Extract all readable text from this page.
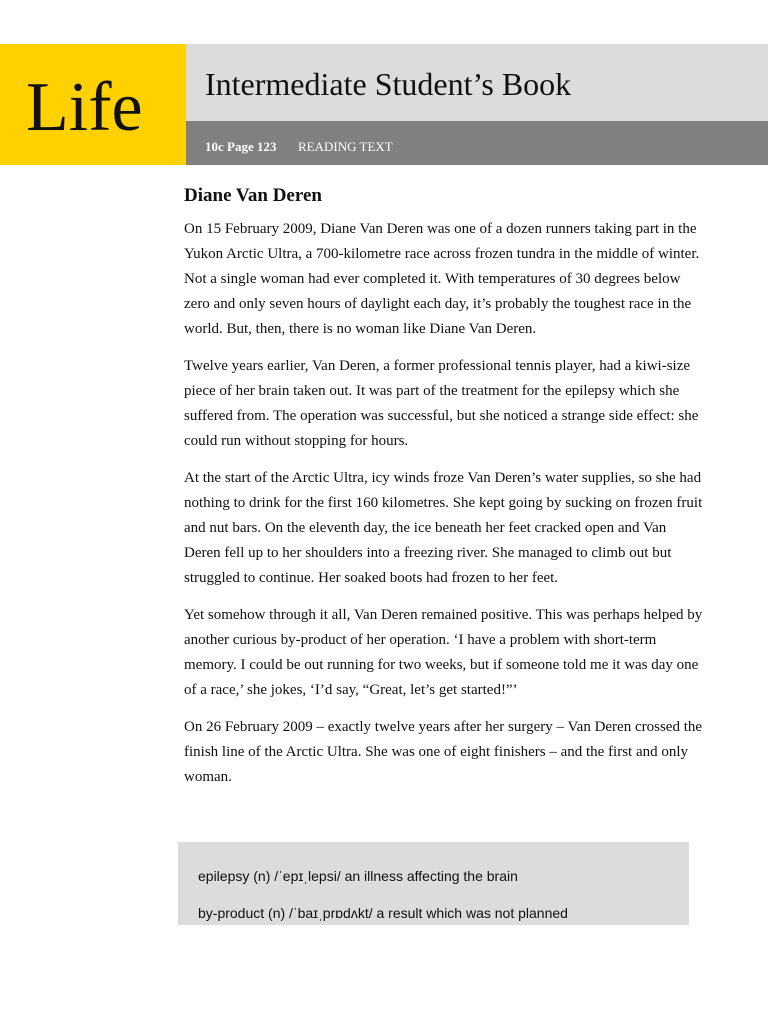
Life Intermediate Student’s Book
10c Page 123 READING TEXT
Diane Van Deren

On 15 February 2009, Diane Van Deren was one of a dozen runners taking part in the Yukon Arctic Ultra, a 700-kilometre race across frozen tundra in the middle of winter. Not a single woman had ever completed it. With temperatures of 30 degrees below zero and only seven hours of daylight each day, it’s probably the toughest race in the world. But, then, there is no woman like Diane Van Deren.

Twelve years earlier, Van Deren, a former professional tennis player, had a kiwi-size piece of her brain taken out. It was part of the treatment for the epilepsy which she suffered from. The operation was successful, but she noticed a strange side effect: she could run without stopping for hours.

At the start of the Arctic Ultra, icy winds froze Van Deren’s water supplies, so she had nothing to drink for the first 160 kilometres. She kept going by sucking on frozen fruit and nut bars. On the eleventh day, the ice beneath her feet cracked open and Van Deren fell up to her shoulders into a freezing river. She managed to climb out but struggled to continue. Her soaked boots had frozen to her feet.

Yet somehow through it all, Van Deren remained positive. This was perhaps helped by another curious by-product of her operation. ‘I have a problem with short-term memory. I could be out running for two weeks, but if someone told me it was day one of a race,’ she jokes, ‘I’d say, “Great, let’s get started!”’

On 26 February 2009 – exactly twelve years after her surgery – Van Deren crossed the finish line of the Arctic Ultra. She was one of eight finishers – and the first and only woman.

epilepsy (n) /ˈepɪˌlepsi/ an illness affecting the brain
by-product (n) /ˈbaɪˌprɒdʌkt/ a result which was not planned
